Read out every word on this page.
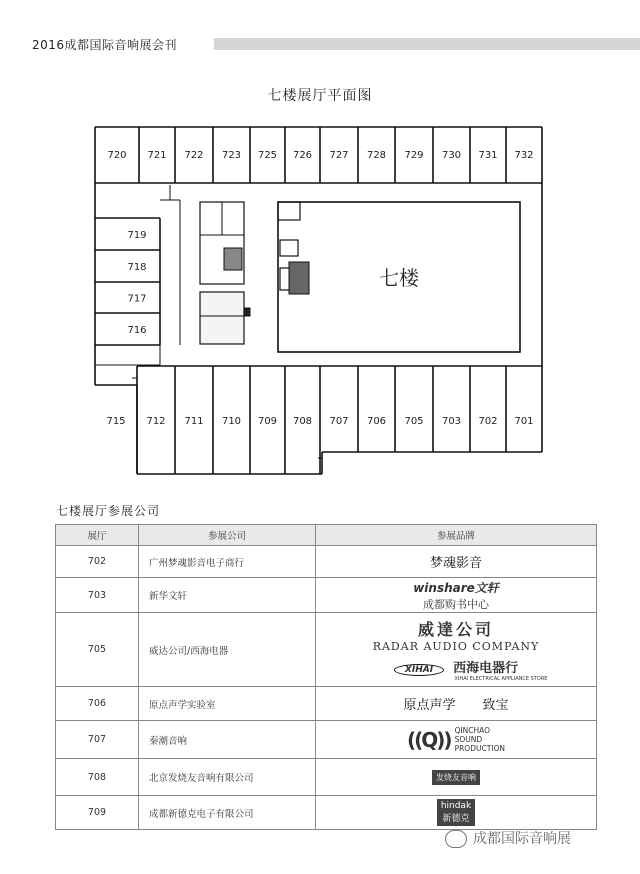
2016成都国际音响展会刊
七楼展厅平面图
720 721 722 723 725 726 727 728 729 730 731 732
719
718
717
716
715 712 711 710 709 708 707 706 705 703 702 701
七楼
七楼展厅参展公司
展厅	参展公司	参展品牌
702	广州梦魂影音电子商行	梦魂影音
703	新华文轩	winshare文轩
成都购书中心

705	威达公司/西海电器	威達公司
RADAR AUDIO COMPANY
XIHAI 西海电器行
XIHAI ELECTRICAL APPLIANCE STORE

706	原点声学实验室	原点声学 致宝
707	秦潮音响	((Q)) QINCHAO
SOUND
PRODUCTION

708	北京发烧友音响有限公司	发烧友音响
709	成都新德克电子有限公司	hindak
新德克
成都国际音响展
